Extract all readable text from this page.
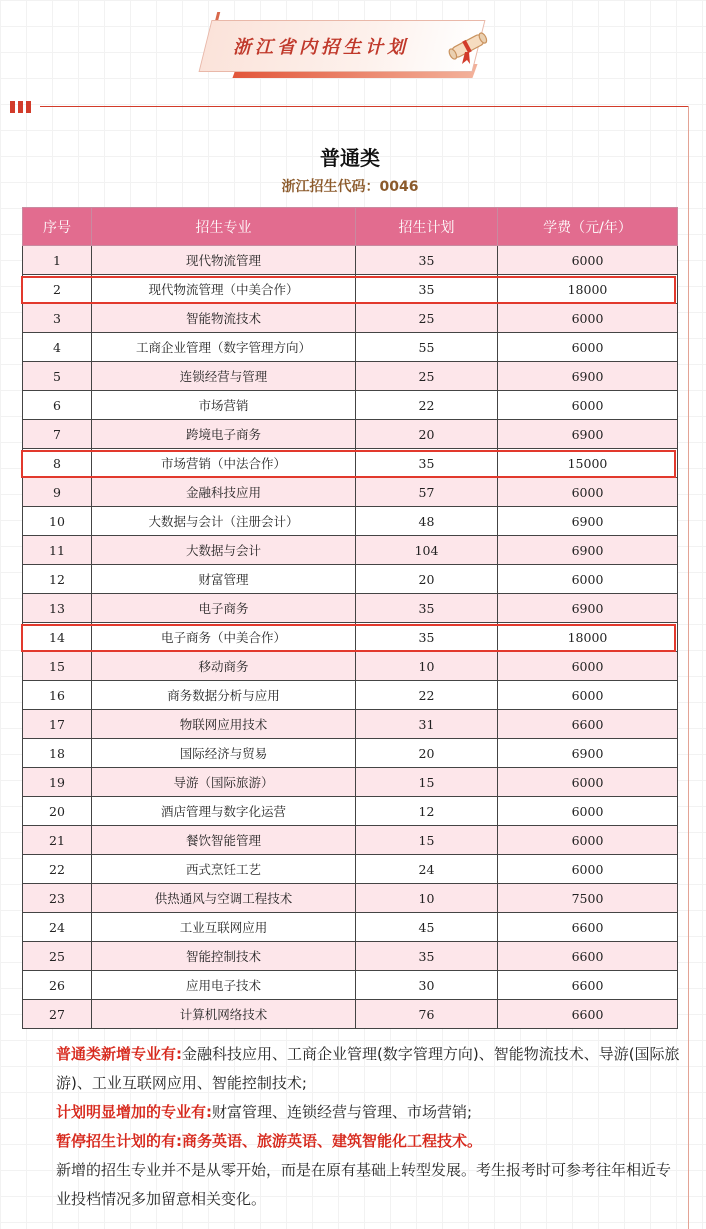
浙江省内招生计划
普通类
浙江招生代码：0046
序号	招生专业	招生计划	学费（元/年）
1	现代物流管理	35	6000
2	现代物流管理（中美合作）	35	18000
3	智能物流技术	25	6000
4	工商企业管理（数字管理方向）	55	6000
5	连锁经营与管理	25	6900
6	市场营销	22	6000
7	跨境电子商务	20	6900
8	市场营销（中法合作）	35	15000
9	金融科技应用	57	6000
10	大数据与会计（注册会计）	48	6900
11	大数据与会计	104	6900
12	财富管理	20	6000
13	电子商务	35	6900
14	电子商务（中美合作）	35	18000
15	移动商务	10	6000
16	商务数据分析与应用	22	6000
17	物联网应用技术	31	6600
18	国际经济与贸易	20	6900
19	导游（国际旅游）	15	6000
20	酒店管理与数字化运营	12	6000
21	餐饮智能管理	15	6000
22	西式烹饪工艺	24	6000
23	供热通风与空调工程技术	10	7500
24	工业互联网应用	45	6600
25	智能控制技术	35	6600
26	应用电子技术	30	6600
27	计算机网络技术	76	6600

普通类新增专业有:金融科技应用、工商企业管理(数字管理方向)、智能物流技术、导游(国际旅游)、工业互联网应用、智能控制技术;

计划明显增加的专业有:财富管理、连锁经营与管理、市场营销;

暂停招生计划的有:商务英语、旅游英语、建筑智能化工程技术。

新增的招生专业并不是从零开始，而是在原有基础上转型发展。考生报考时可参考往年相近专业投档情况多加留意相关变化。
